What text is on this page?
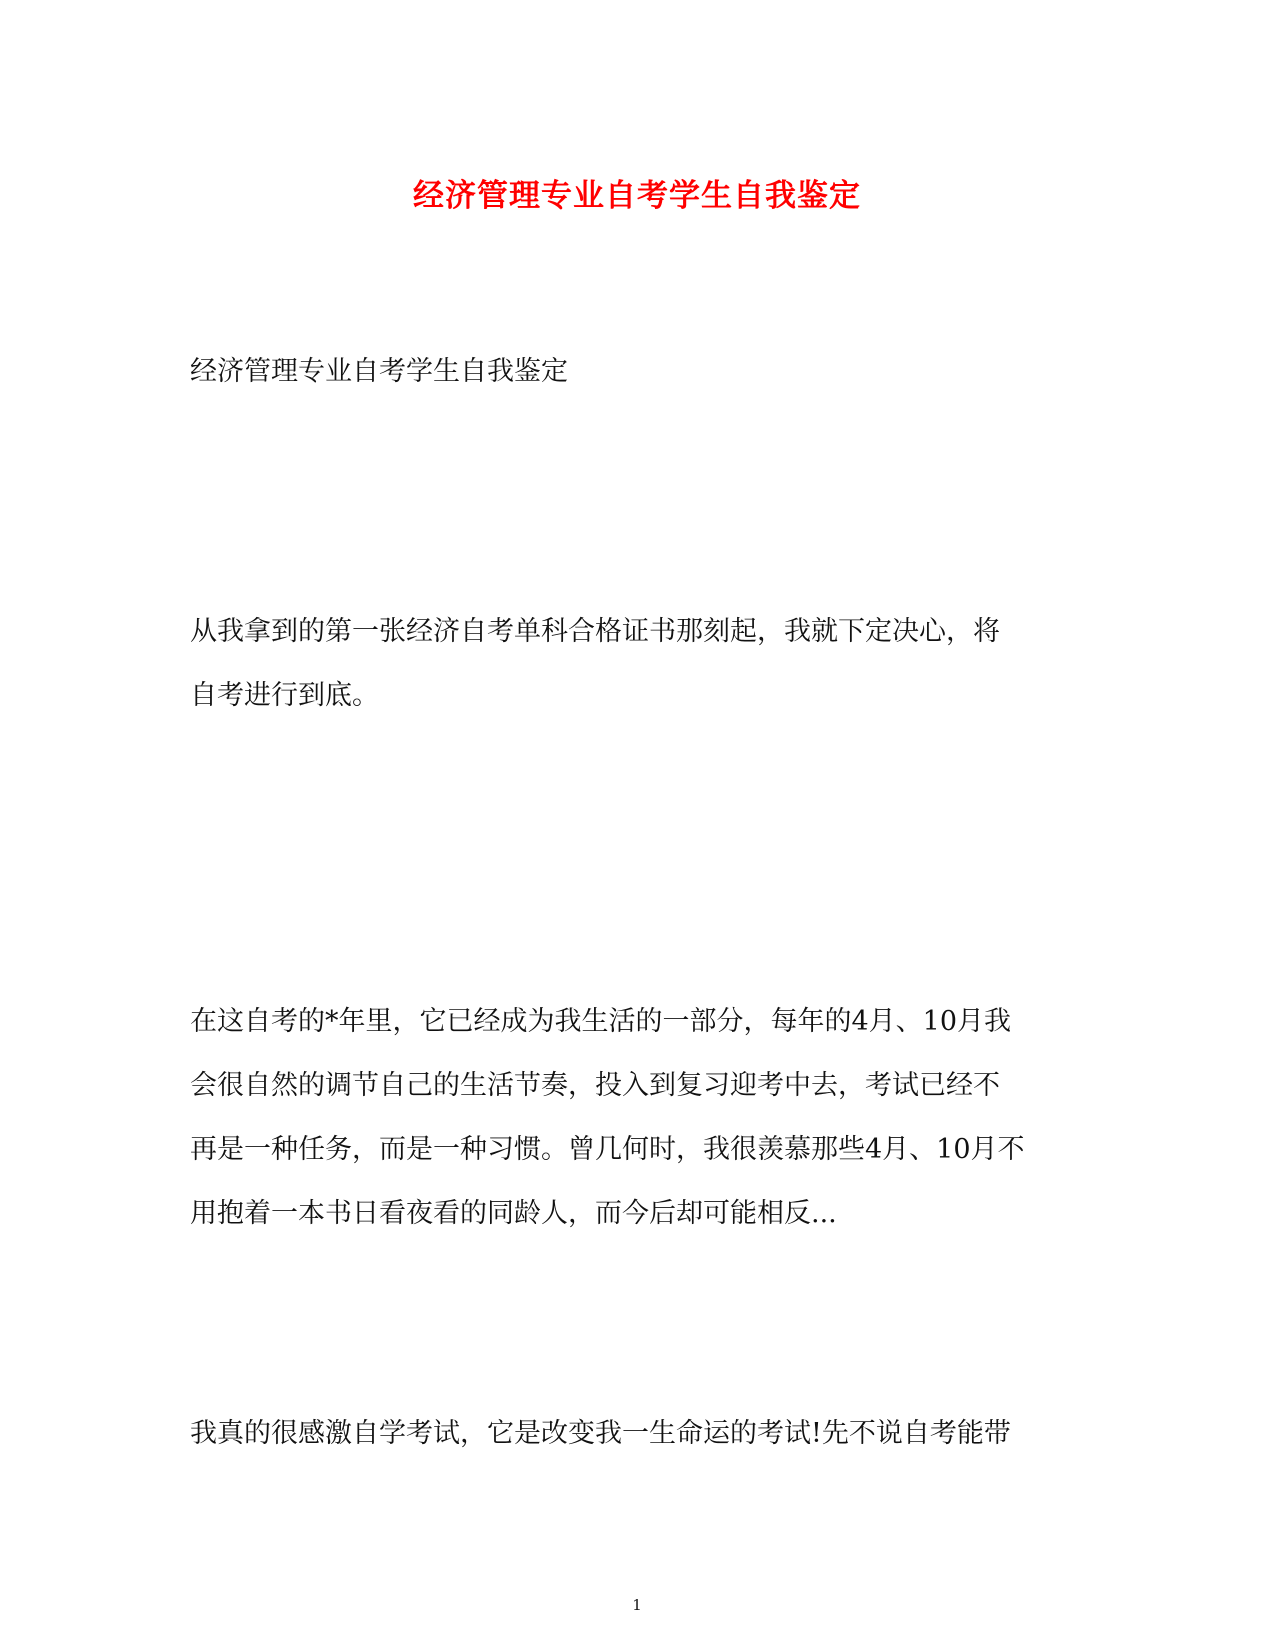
经济管理专业自考学生自我鉴定

经济管理专业自考学生自我鉴定

从我拿到的第一张经济自考单科合格证书那刻起，我就下定决心，将
自考进行到底。

在这自考的*年里，它已经成为我生活的一部分，每年的4月、10月我
会很自然的调节自己的生活节奏，投入到复习迎考中去，考试已经不
再是一种任务，而是一种习惯。曾几何时，我很羡慕那些4月、10月不
用抱着一本书日看夜看的同龄人，而今后却可能相反...

我真的很感激自学考试，它是改变我一生命运的考试!先不说自考能带

1
